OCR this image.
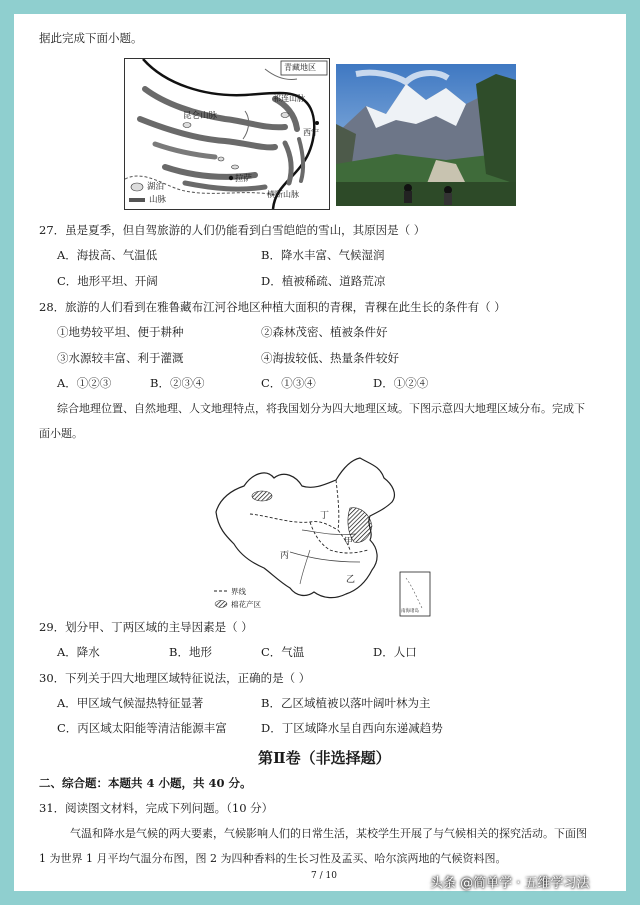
据此完成下面小题。
青藏地区
昆仑山脉
祁连山脉
西宁
拉萨
横断山脉
湖泊
山脉
27．虽是夏季，但自驾旅游的人们仍能看到白雪皑皑的雪山，其原因是（ ）
A．海拔高、气温低	B．降水丰富、气候湿润
C．地形平坦、开阔	D．植被稀疏、道路荒凉
28．旅游的人们看到在雅鲁藏布江河谷地区种植大面积的青稞，青稞在此生长的条件有（ ）
①地势较平坦、便于耕种	②森林茂密、植被条件好
③水源较丰富、利于灌溉	④海拔较低、热量条件较好
A．①②③	B．②③④	C．①③④	D．①②④
综合地理位置、自然地理、人文地理特点，将我国划分为四大地理区域。下图示意四大地理区域分布。完成下
面小题。
甲
乙
丙
丁
界线
棉花产区
南海诸岛
29．划分甲、丁两区域的主导因素是（ ）
A．降水	B．地形	C．气温	D．人口
30．下列关于四大地理区域特征说法，正确的是（ ）
A．甲区域气候湿热特征显著	B．乙区域植被以落叶阔叶林为主
C．丙区域太阳能等清洁能源丰富	D．丁区域降水呈自西向东递减趋势
第Ⅱ卷（非选择题）
二、综合题：本题共 4 小题，共 40 分。
31．阅读图文材料，完成下列问题。（10 分）
气温和降水是气候的两大要素，气候影响人们的日常生活，某校学生开展了与气候相关的探究活动。下面图
1 为世界 1 月平均气温分布图，图 2 为四种香料的生长习性及孟买、哈尔滨两地的气候资料图。
7 / 10	头条 @简单学 · 五维学习法
